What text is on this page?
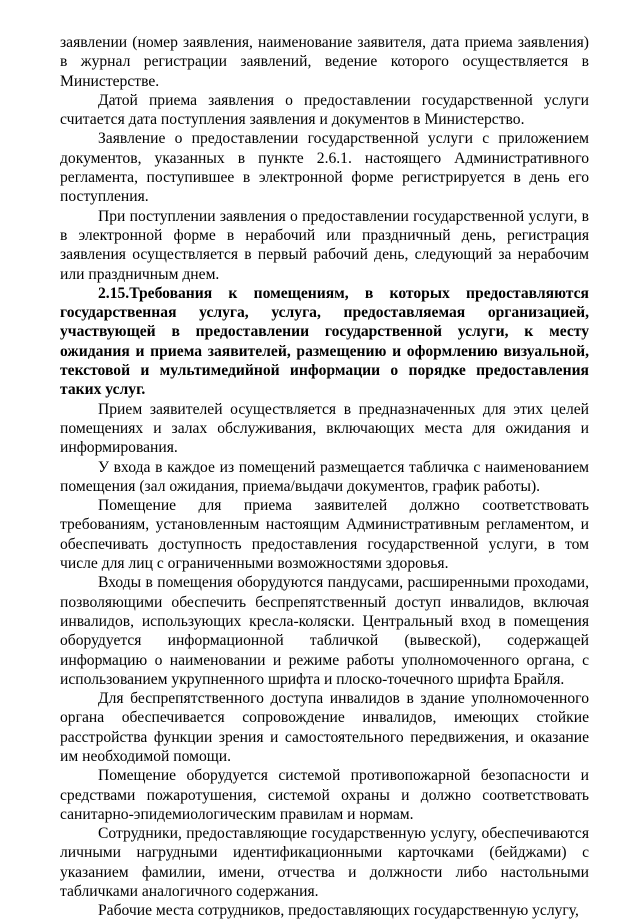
заявлении (номер заявления, наименование заявителя, дата приема заявления) в журнал регистрации заявлений, ведение которого осуществляется в Министерстве.

Датой приема заявления о предоставлении государственной услуги считается дата поступления заявления и документов в Министерство.

Заявление о предоставлении государственной услуги с приложением документов, указанных в пункте 2.6.1. настоящего Административного регламента, поступившее в электронной форме регистрируется в день его поступления.

При поступлении заявления о предоставлении государственной услуги, в в электронной форме в нерабочий или праздничный день, регистрация заявления осуществляется в первый рабочий день, следующий за нерабочим или праздничным днем.

2.15.Требования к помещениям, в которых предоставляются государственная услуга, услуга, предоставляемая организацией, участвующей в предоставлении государственной услуги, к месту ожидания и приема заявителей, размещению и оформлению визуальной, текстовой и мультимедийной информации о порядке предоставления таких услуг.

Прием заявителей осуществляется в предназначенных для этих целей помещениях и залах обслуживания, включающих места для ожидания и информирования.

У входа в каждое из помещений размещается табличка с наименованием помещения (зал ожидания, приема/выдачи документов, график работы).

Помещение для приема заявителей должно соответствовать требованиям, установленным настоящим Административным регламентом, и обеспечивать доступность предоставления государственной услуги, в том числе для лиц с ограниченными возможностями здоровья.

Входы в помещения оборудуются пандусами, расширенными проходами, позволяющими обеспечить беспрепятственный доступ инвалидов, включая инвалидов, использующих кресла-коляски. Центральный вход в помещения оборудуется информационной табличкой (вывеской), содержащей информацию о наименовании и режиме работы уполномоченного органа, с использованием укрупненного шрифта и плоско-точечного шрифта Брайля.

Для беспрепятственного доступа инвалидов в здание уполномоченного органа обеспечивается сопровождение инвалидов, имеющих стойкие расстройства функции зрения и самостоятельного передвижения, и оказание им необходимой помощи.

Помещение оборудуется системой противопожарной безопасности и средствами пожаротушения, системой охраны и должно соответствовать санитарно-эпидемиологическим правилам и нормам.

Сотрудники, предоставляющие государственную услугу, обеспечиваются личными нагрудными идентификационными карточками (бейджами) с указанием фамилии, имени, отчества и должности либо настольными табличками аналогичного содержания.

Рабочие места сотрудников, предоставляющих государственную услугу,
